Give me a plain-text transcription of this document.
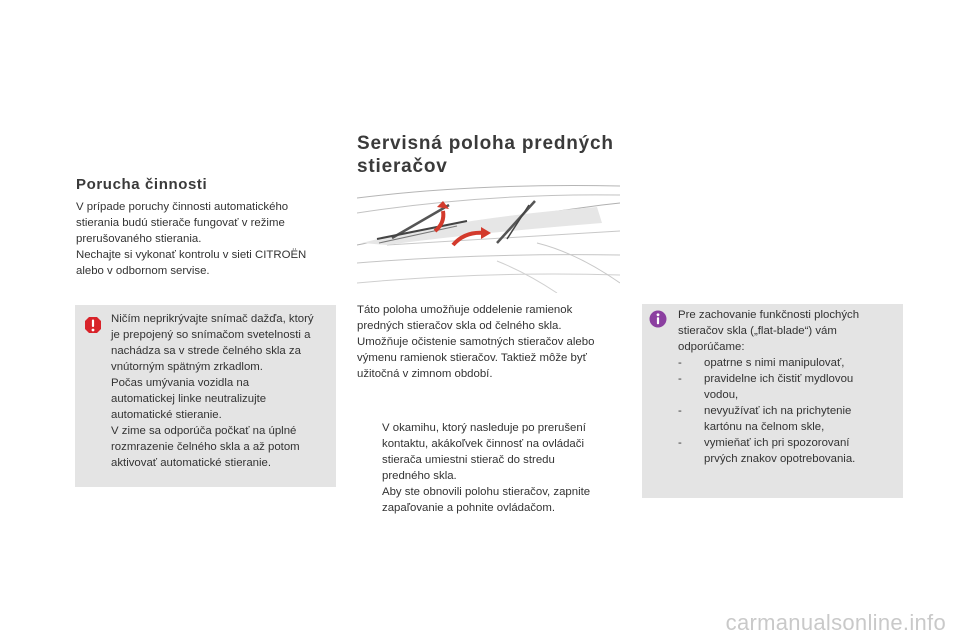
Porucha činnosti
V prípade poruchy činnosti automatického
stierania budú stierače fungovať v režime
prerušovaného stierania.
Nechajte si vykonať kontrolu v sieti CITROËN
alebo v odbornom servise.
Ničím neprikrývajte snímač dažďa, ktorý
je prepojený so snímačom svetelnosti a
nachádza sa v strede čelného skla za
vnútorným spätným zrkadlom.
Počas umývania vozidla na
automatickej linke neutralizujte
automatické stieranie.
V zime sa odporúča počkať na úplné
rozmrazenie čelného skla a až potom
aktivovať automatické stieranie.
Servisná poloha predných
stieračov
Táto poloha umožňuje oddelenie ramienok
predných stieračov skla od čelného skla.
Umožňuje očistenie samotných stieračov alebo
výmenu ramienok stieračov. Taktiež môže byť
užitočná v zimnom období.
V okamihu, ktorý nasleduje po prerušení
kontaktu, akákoľvek činnosť na ovládači
stierača umiestni stierač do stredu
predného skla.
Aby ste obnovili polohu stieračov, zapnite
zapaľovanie a pohnite ovládačom.
Pre zachovanie funkčnosti plochých
stieračov skla („flat-blade“) vám
odporúčame:
- opatrne s nimi manipulovať,
- pravidelne ich čistiť mydlovou
vodou,
- nevyužívať ich na prichytenie
kartónu na čelnom skle,
- vymieňať ich pri spozorovaní
prvých znakov opotrebovania.
carmanualsonline.info
